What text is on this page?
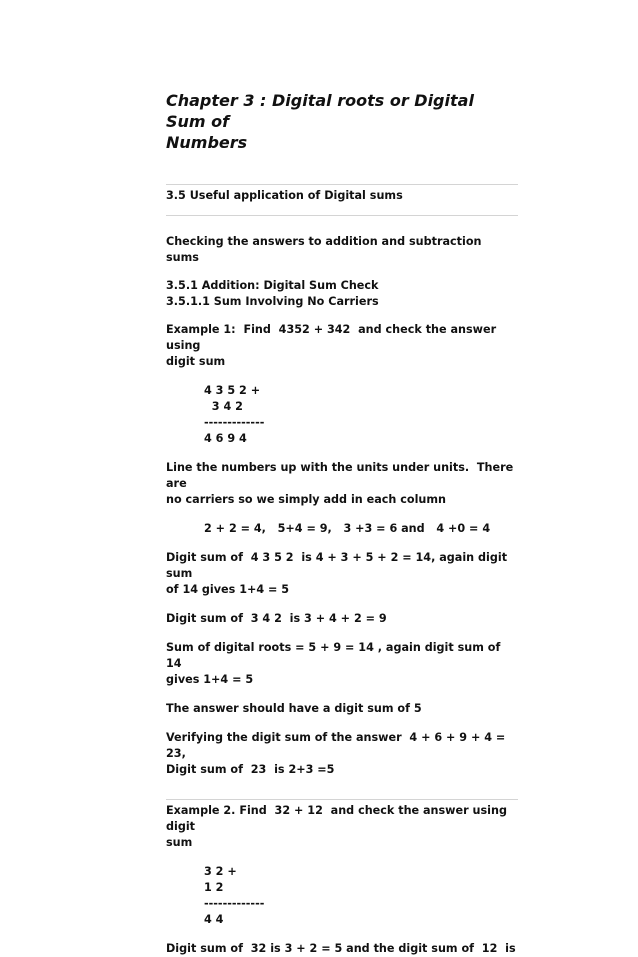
Chapter 3 : Digital roots or Digital Sum of

Numbers

3.5 Useful application of Digital sums

Checking the answers to addition and subtraction sums

3.5.1 Addition: Digital Sum Check

3.5.1.1 Sum Involving No Carriers

Example 1:  Find  4352 + 342  and check the answer using

digit sum

4 3 5 2 +

3 4 2

-------------

4 6 9 4

Line the numbers up with the units under units.  There are

no carriers so we simply add in each column

2 + 2 = 4,   5+4 = 9,   3 +3 = 6 and   4 +0 = 4

Digit sum of  4 3 5 2  is 4 + 3 + 5 + 2 = 14, again digit sum

of 14 gives 1+4 = 5

Digit sum of  3 4 2  is 3 + 4 + 2 = 9

Sum of digital roots = 5 + 9 = 14 , again digit sum of 14

gives 1+4 = 5

The answer should have a digit sum of 5

Verifying the digit sum of the answer  4 + 6 + 9 + 4 = 23,

Digit sum of  23  is 2+3 =5

Example 2. Find  32 + 12  and check the answer using digit

sum

3 2 +

1 2

-------------

4 4

Digit sum of  32 is 3 + 2 = 5 and the digit sum of  12  is
